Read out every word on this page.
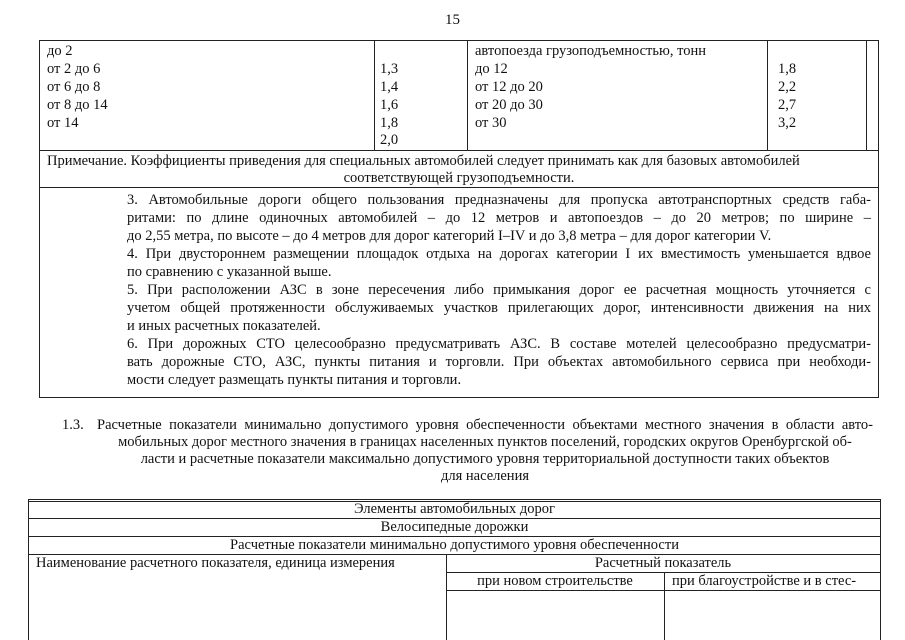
15
до 2
от 2 до 6
от 6 до 8
от 8 до 14
от 14
1,3
1,4
1,6
1,8
2,0
автопоезда грузоподъемностью, тонн
до 12
от 12 до 20
от 20 до 30
от 30
1,8
2,2
2,7
3,2
Примечание. Коэффициенты приведения для специальных автомобилей следует принимать как для базовых автомобилей
соответствующей грузоподъемности.
3. Автомобильные дороги общего пользования предназначены для пропуска автотранспортных средств габа-
ритами: по длине одиночных автомобилей – до 12 метров и автопоездов – до 20 метров; по ширине –
до 2,55 метра, по высоте – до 4 метров для дорог категорий I–IV и до 3,8 метра – для дорог категории V.
4. При двустороннем размещении площадок отдыха на дорогах категории I их вместимость уменьшается вдвое
по сравнению с указанной выше.
5. При расположении АЗС в зоне пересечения либо примыкания дорог ее расчетная мощность уточняется с
учетом общей протяженности обслуживаемых участков прилегающих дорог, интенсивности движения на них
и иных расчетных показателей.
6. При дорожных СТО целесообразно предусматривать АЗС. В составе мотелей целесообразно предусматри-
вать дорожные СТО, АЗС, пункты питания и торговли. При объектах автомобильного сервиса при необходи-
мости следует размещать пункты питания и торговли.
1.3. Расчетные показатели минимально допустимого уровня обеспеченности объектами местного значения в области авто-
мобильных дорог местного значения в границах населенных пунктов поселений, городских округов Оренбургской об-
ласти и расчетные показатели максимально допустимого уровня территориальной доступности таких объектов
для населения
Элементы автомобильных дорог
Велосипедные дорожки
Расчетные показатели минимально допустимого уровня обеспеченности
Наименование расчетного показателя, единица измерения	Расчетный показатель
при новом строительстве	при благоустройстве и в стес-
